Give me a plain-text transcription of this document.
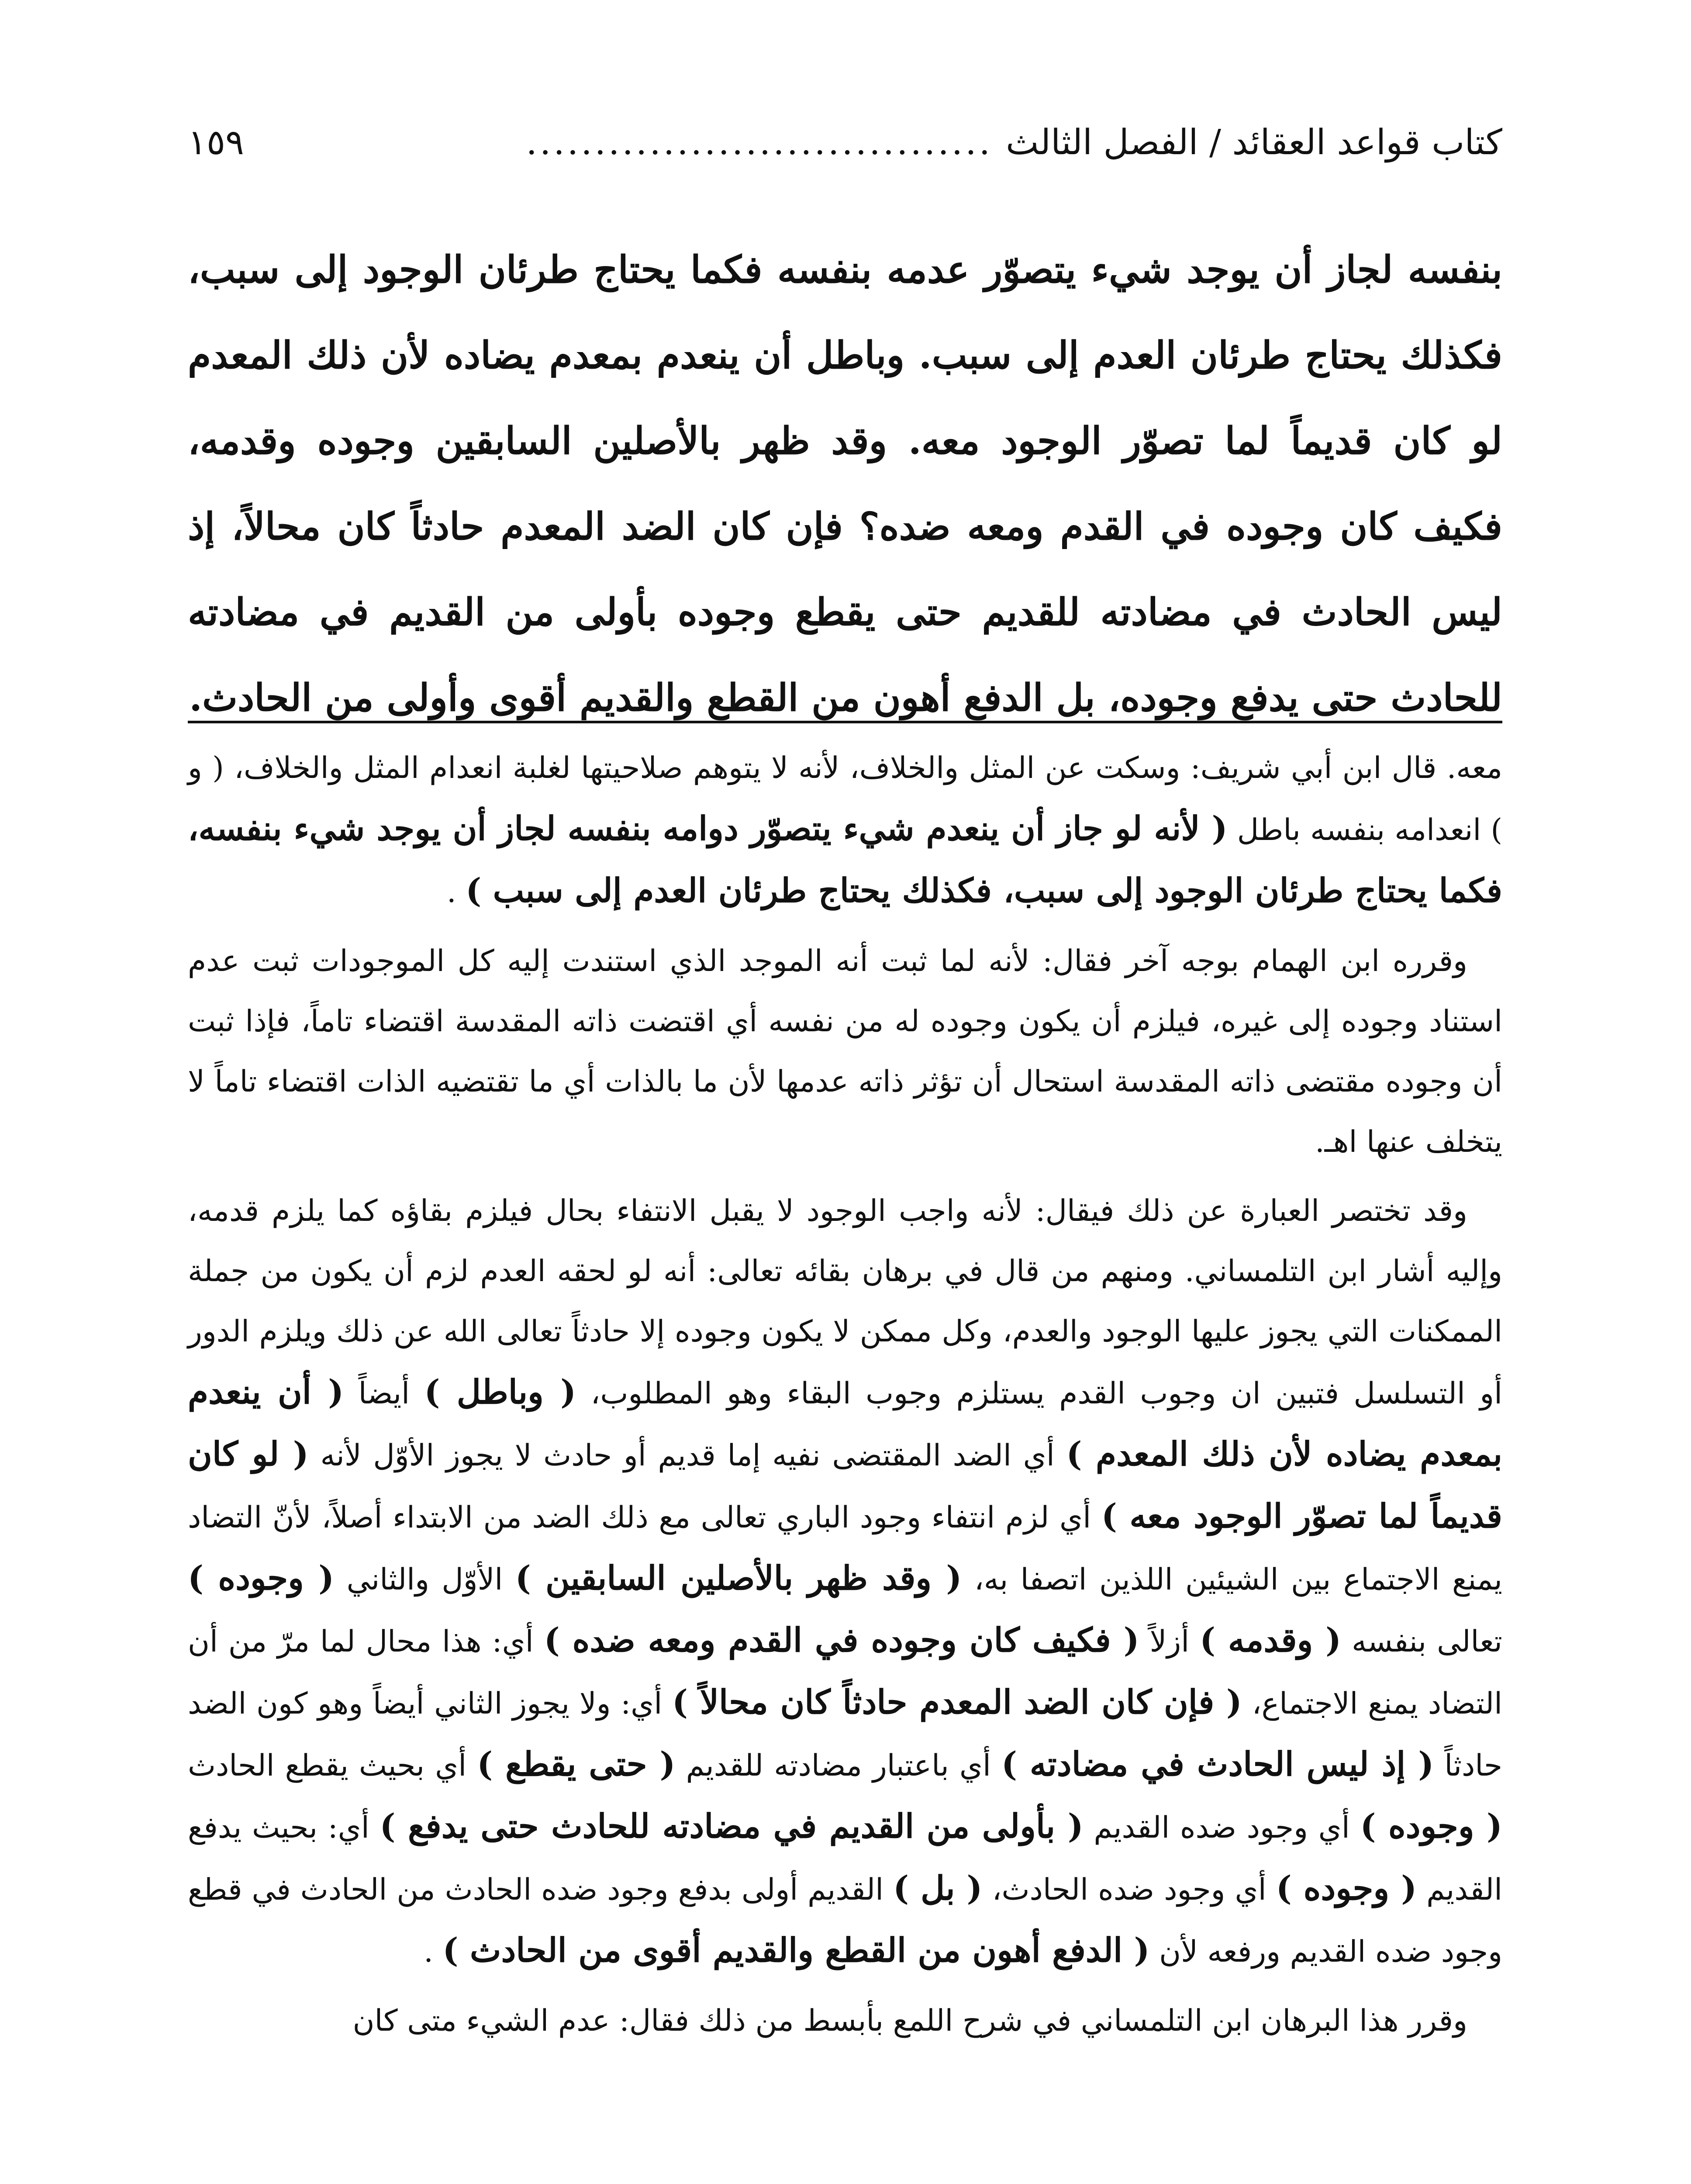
كتاب قواعد العقائد / الفصل الثالث
..................................
١٥٩

بنفسه لجاز أن يوجد شيء يتصوّر عدمه بنفسه فكما يحتاج طرئان الوجود إلى سبب، فكذلك يحتاج طرئان العدم إلى سبب. وباطل أن ينعدم بمعدم يضاده لأن ذلك المعدم لو كان قديماً لما تصوّر الوجود معه. وقد ظهر بالأصلين السابقين وجوده وقدمه، فكيف كان وجوده في القدم ومعه ضده؟ فإن كان الضد المعدم حادثاً كان محالاً، إذ ليس الحادث في مضادته للقديم حتى يقطع وجوده بأولى من القديم في مضادته للحادث حتى يدفع وجوده، بل الدفع أهون من القطع والقديم أقوى وأولى من الحادث.

معه. قال ابن أبي شريف: وسكت عن المثل والخلاف، لأنه لا يتوهم صلاحيتها لغلبة انعدام المثل والخلاف، ( و ) انعدامه بنفسه باطل ( لأنه لو جاز أن ينعدم شيء يتصوّر دوامه بنفسه لجاز أن يوجد شيء بنفسه، فكما يحتاج طرئان الوجود إلى سبب، فكذلك يحتاج طرئان العدم إلى سبب ) .

وقرره ابن الهمام بوجه آخر فقال: لأنه لما ثبت أنه الموجد الذي استندت إليه كل الموجودات ثبت عدم استناد وجوده إلى غيره، فيلزم أن يكون وجوده له من نفسه أي اقتضت ذاته المقدسة اقتضاء تاماً، فإذا ثبت أن وجوده مقتضى ذاته المقدسة استحال أن تؤثر ذاته عدمها لأن ما بالذات أي ما تقتضيه الذات اقتضاء تاماً لا يتخلف عنها اهـ.

وقد تختصر العبارة عن ذلك فيقال: لأنه واجب الوجود لا يقبل الانتفاء بحال فيلزم بقاؤه كما يلزم قدمه، وإليه أشار ابن التلمساني. ومنهم من قال في برهان بقائه تعالى: أنه لو لحقه العدم لزم أن يكون من جملة الممكنات التي يجوز عليها الوجود والعدم، وكل ممكن لا يكون وجوده إلا حادثاً تعالى الله عن ذلك ويلزم الدور أو التسلسل فتبين ان وجوب القدم يستلزم وجوب البقاء وهو المطلوب، ( وباطل ) أيضاً ( أن ينعدم بمعدم يضاده لأن ذلك المعدم ) أي الضد المقتضى نفيه إما قديم أو حادث لا يجوز الأوّل لأنه ( لو كان قديماً لما تصوّر الوجود معه ) أي لزم انتفاء وجود الباري تعالى مع ذلك الضد من الابتداء أصلاً، لأنّ التضاد يمنع الاجتماع بين الشيئين اللذين اتصفا به، ( وقد ظهر بالأصلين السابقين ) الأوّل والثاني ( وجوده ) تعالى بنفسه ( وقدمه ) أزلاً ( فكيف كان وجوده في القدم ومعه ضده ) أي: هذا محال لما مرّ من أن التضاد يمنع الاجتماع، ( فإن كان الضد المعدم حادثاً كان محالاً ) أي: ولا يجوز الثاني أيضاً وهو كون الضد حادثاً ( إذ ليس الحادث في مضادته ) أي باعتبار مضادته للقديم ( حتى يقطع ) أي بحيث يقطع الحادث ( وجوده ) أي وجود ضده القديم ( بأولى من القديم في مضادته للحادث حتى يدفع ) أي: بحيث يدفع القديم ( وجوده ) أي وجود ضده الحادث، ( بل ) القديم أولى بدفع وجود ضده الحادث من الحادث في قطع وجود ضده القديم ورفعه لأن ( الدفع أهون من القطع والقديم أقوى من الحادث ) .

وقرر هذا البرهان ابن التلمساني في شرح اللمع بأبسط من ذلك فقال: عدم الشيء متى كان
